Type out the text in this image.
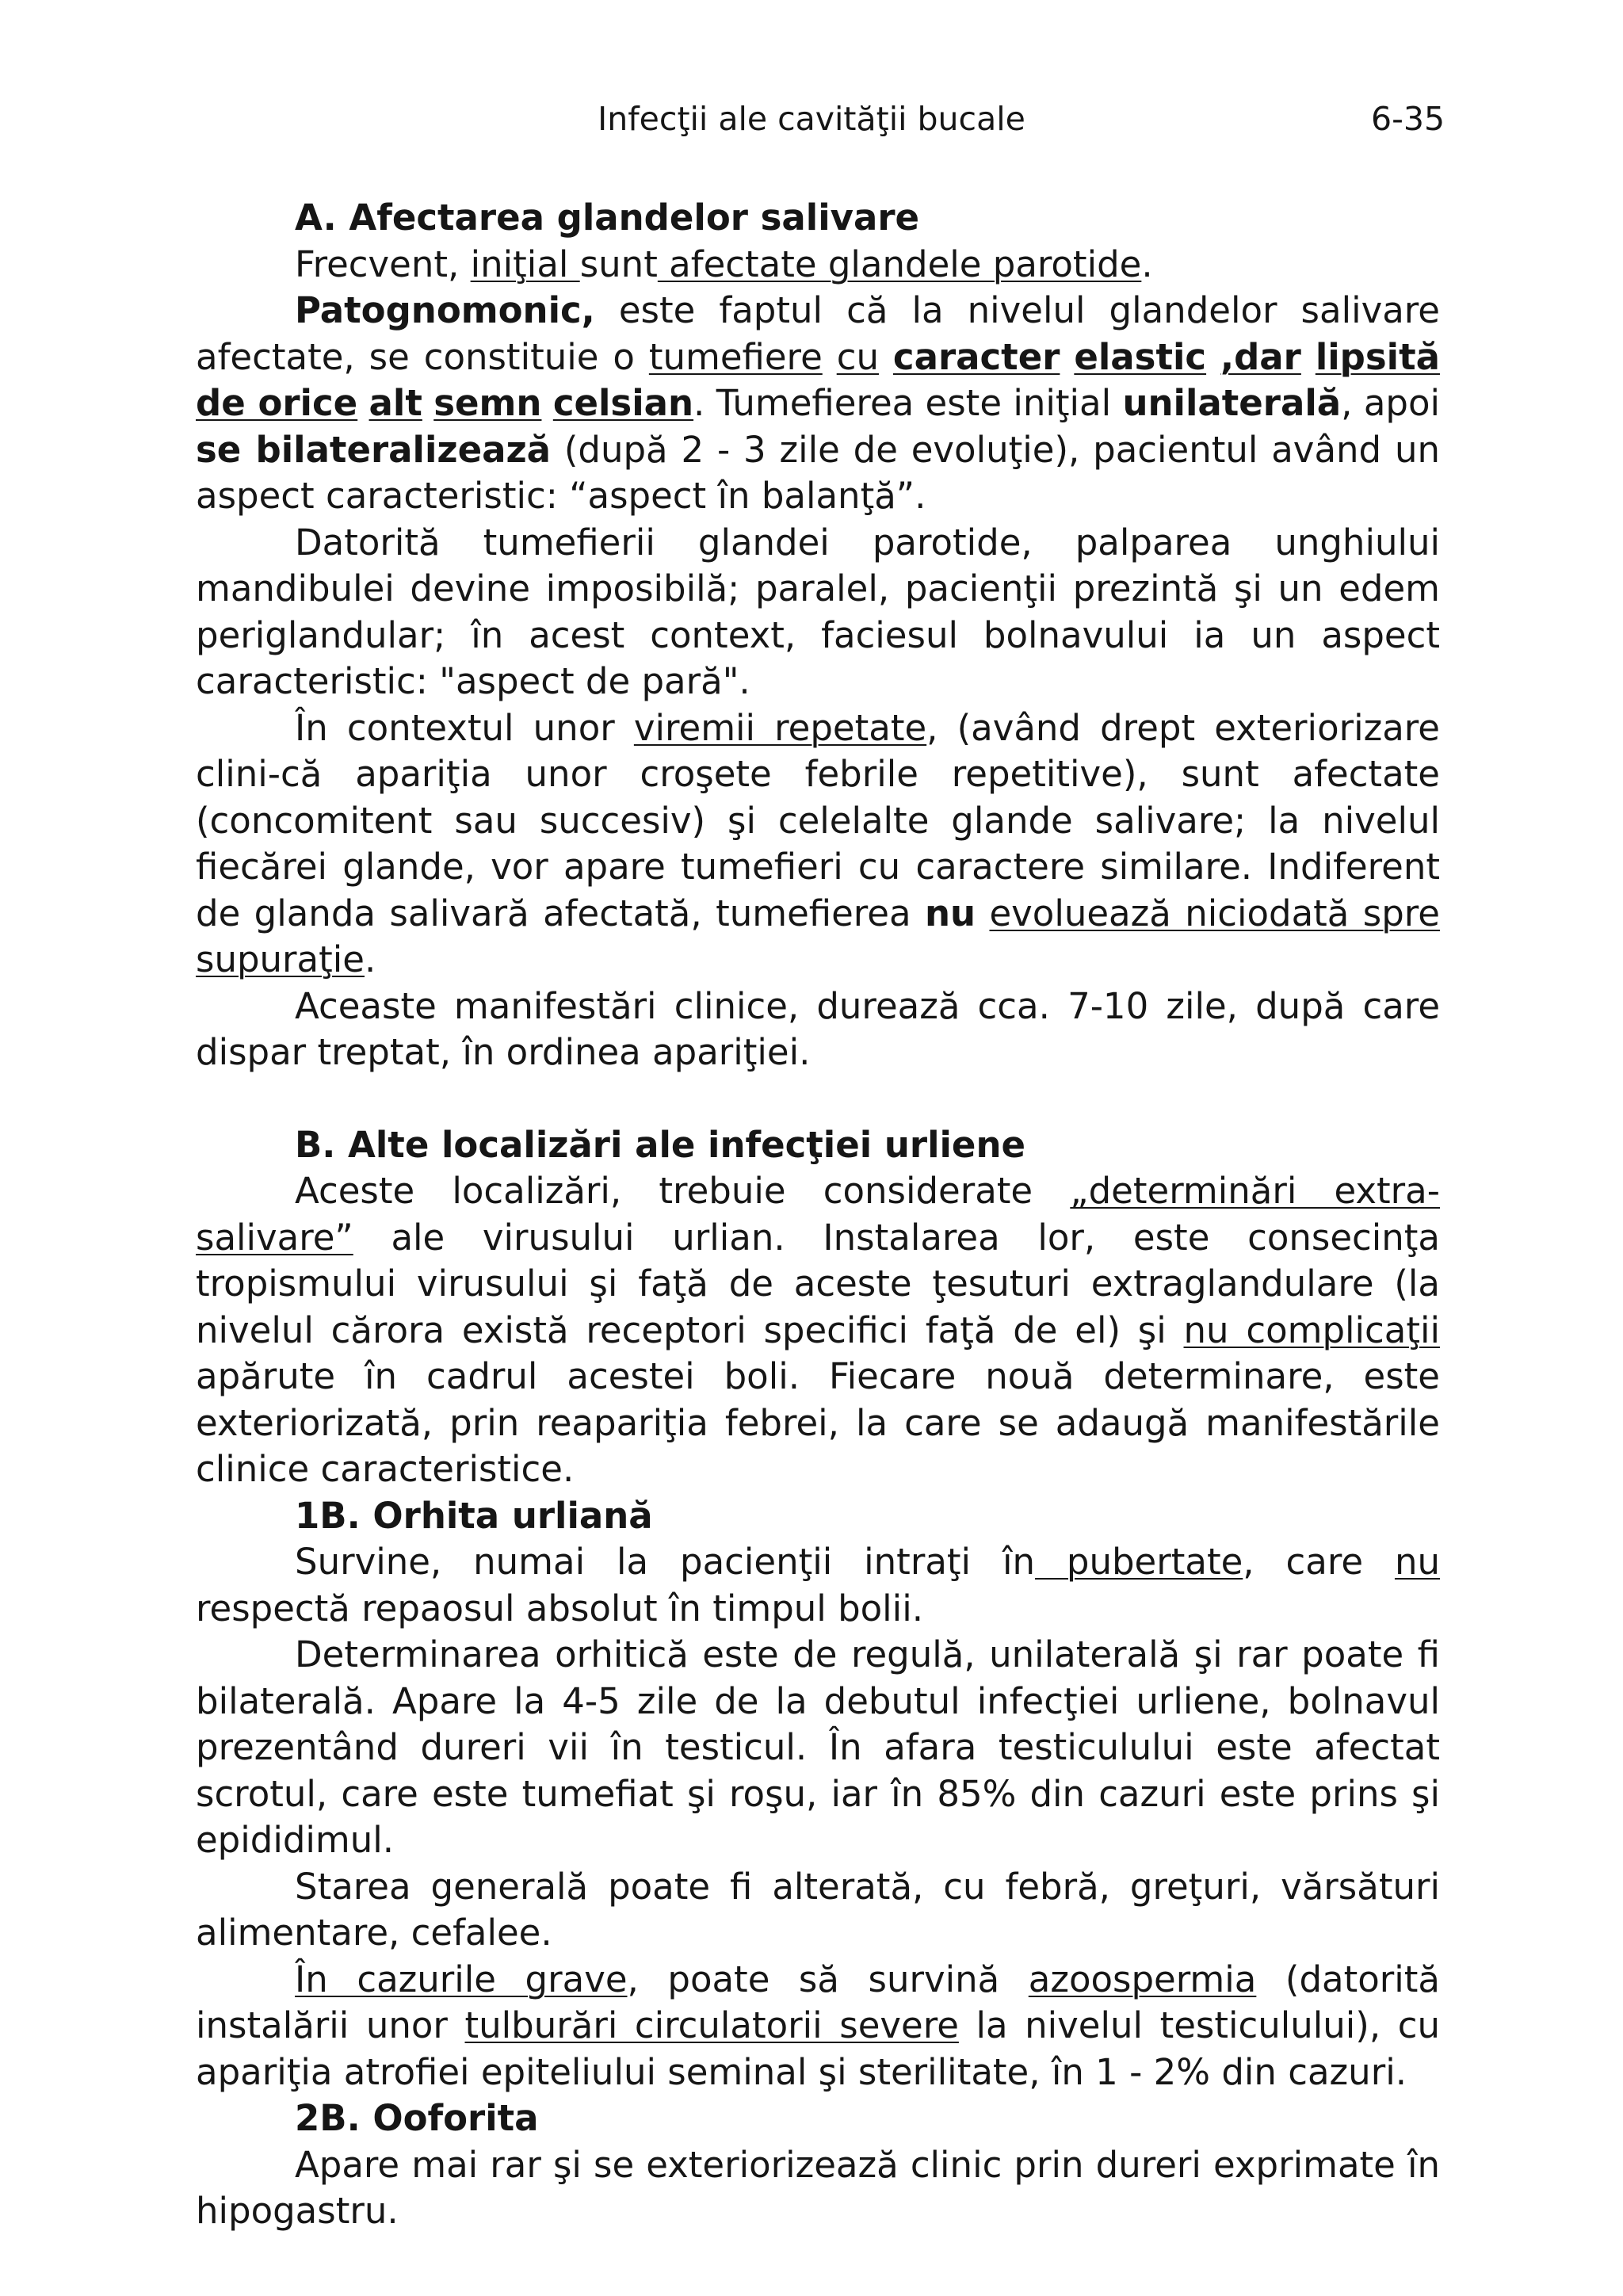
Infecţii ale cavităţii bucale	6-35
A. Afectarea glandelor salivare

Frecvent, iniţial sunt afectate glandele parotide.

Patognomonic, este faptul că la nivelul glandelor salivare afectate, se constituie o tumefiere cu caracter elastic ,dar lipsită de orice alt semn celsian. Tumefierea este iniţial unilaterală, apoi se bilateralizează (după 2 - 3 zile de evoluţie), pacientul având un aspect caracteristic: “aspect în balanţă”.

Datorită tumefierii glandei parotide, palparea unghiului mandibulei devine imposibilă; paralel, pacienţii prezintă şi un edem periglandular; în acest context, faciesul bolnavului ia un aspect caracteristic: "aspect de pară".

În contextul unor viremii repetate, (având drept exteriorizare clini-că apariţia unor croşete febrile repetitive), sunt afectate (concomitent sau succesiv) şi celelalte glande salivare; la nivelul fiecărei glande, vor apare tumefieri cu caractere similare. Indiferent de glanda salivară afectată, tumefierea nu evoluează niciodată spre supuraţie.

Aceaste manifestări clinice, durează cca. 7-10 zile, după care dispar treptat, în ordinea apariţiei.

B. Alte localizări ale infecţiei urliene

Aceste localizări, trebuie considerate „determinări extra-salivare” ale virusului urlian. Instalarea lor, este consecinţa tropismului virusului şi faţă de aceste ţesuturi extraglandulare (la nivelul cărora există receptori specifici faţă de el) şi nu complicaţii apărute în cadrul acestei boli. Fiecare nouă determinare, este exteriorizată, prin reapariţia febrei, la care se adaugă manifestările clinice caracteristice.

1B. Orhita urliană

Survine, numai la pacienţii intraţi în pubertate, care nu respectă repaosul absolut în timpul bolii.

Determinarea orhitică este de regulă, unilaterală şi rar poate fi bilaterală. Apare la 4-5 zile de la debutul infecţiei urliene, bolnavul prezentând dureri vii în testicul. În afara testiculului este afectat scrotul, care este tumefiat şi roşu, iar în 85% din cazuri este prins şi epididimul.

Starea generală poate fi alterată, cu febră, greţuri, vărsături alimentare, cefalee.

În cazurile grave, poate să survină azoospermia (datorită instalării unor tulburări circulatorii severe la nivelul testiculului), cu apariţia atrofiei epiteliului seminal şi sterilitate, în 1 - 2% din cazuri.

2B. Ooforita

Apare mai rar şi se exteriorizează clinic prin dureri exprimate în hipogastru.
